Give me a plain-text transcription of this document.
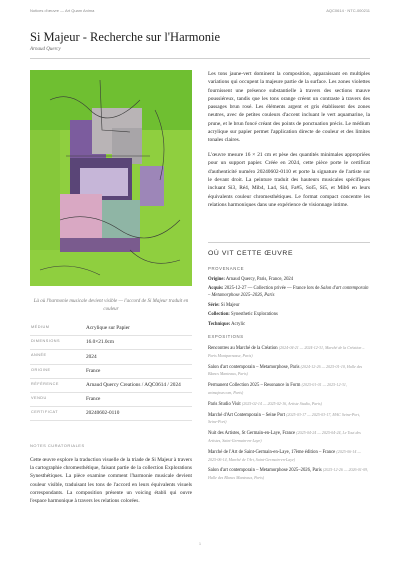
Notices d'œuvre — Art Quam Anima	AQC0614 · NTC-000211
Si Majeur - Recherche sur l'Harmonie
Arnaud Quercy
Là où l'harmonie musicale devient visible — l'accord de Si Majeur traduit en couleur
MÉDIUM	Acrylique sur Papier
DIMENSIONS	16.0×21.0cm
ANNÉE	2024
ORIGINE	France
RÉFÉRENCE	Arnaud Quercy Creations / AQC0614 / 2024
VENDU	France
CERTIFICAT	20240602-0110
NOTES CURATORIALES

Cette œuvre explore la traduction visuelle de la triade de Si Majeur à travers la cartographie chromesthétique, faisant partie de la collection Explorations Synesthétiques. La pièce examine comment l'harmonie musicale devient couleur visible, traduisant les tons de l'accord en leurs équivalents visuels correspondants. La composition présente un voicing établi qui ouvre l'espace harmonique à travers les relations colorées.

Les tons jaune-vert dominent la composition, apparaissant en multiples variations qui occupent la majeure partie de la surface. Les zones violettes fournissent une présence substantielle à travers des sections mauve poussiéreux, tandis que les tons orange créent un contraste à travers des passages brun rosé. Les éléments argent et gris établissent des zones neutres, avec de petites couleurs d'accent incluant le vert aquamarine, la prune, et le brun foncé créant des points de ponctuation précis. Le médium acrylique sur papier permet l'application directe de couleur et des limites tonales claires.

L'œuvre mesure 16 × 21 cm et pèse des quantités minimales appropriées pour un support papier. Créée en 2024, cette pièce porte le certificat d'authenticité numéro 20240602-0110 et porte la signature de l'artiste sur le devant droit. La peinture traduit des hauteurs musicales spécifiques incluant Si3, Ré4, Mib4, La4, Si4, Fa#5, Sol5, Si5, et Mib6 en leurs équivalents couleur chromesthétiques. Le format compact concentre les relations harmoniques dans une expérience de visionnage intime.

OÙ VIT CETTE ŒUVRE
PROVENANCE
Origine: Arnaud Quercy, Paris, France, 2024
Acquis: 2025-12-27 — Collection privée — France lors de Salon d'art contemporain – Metamorphose 2025–2026, Paris
Série: Si Majeur
Collection: Synesthetic Explorations
Technique: Acrylic
EXPOSITIONS
Rencontres au Marché de la Création (2024-04-21 — 2024-12-31, Marché de la Création – Paris Montparnasse, Paris)
Salon d'art contemporain – Metamorphose, Paris (2024-12-26 — 2025-01-10, Halle des Blancs Manteaux, Paris)
Permanent Collection 2025 – Resonance in Form (2025-01-01 — 2025-12-31, artmajeur.com, Paris)
Paris Studio Visit (2025-02-14 — 2025-02-16, Artiste Studio, Paris)
Marché d'Art Contemporain – Seine Port (2025-03-17 — 2025-03-17, MAC Seine-Port, Seine-Port)
Nuit des Artistes, St Germain-en-Laye, France (2025-04-24 — 2025-04-24, Le Tout des Artistes, Saint-Germain-en-Laye)
Marché de l'Art de Saint-Germain-en-Laye, 17ème édition – France (2025-06-14 — 2025-06-14, Marché de l'Art, Saint-Germain-en-Laye)
Salon d'art contemporain – Metamorphose 2025–2026, Paris (2025-12-26 — 2026-01-09, Halle des Blancs Manteaux, Paris)
1
